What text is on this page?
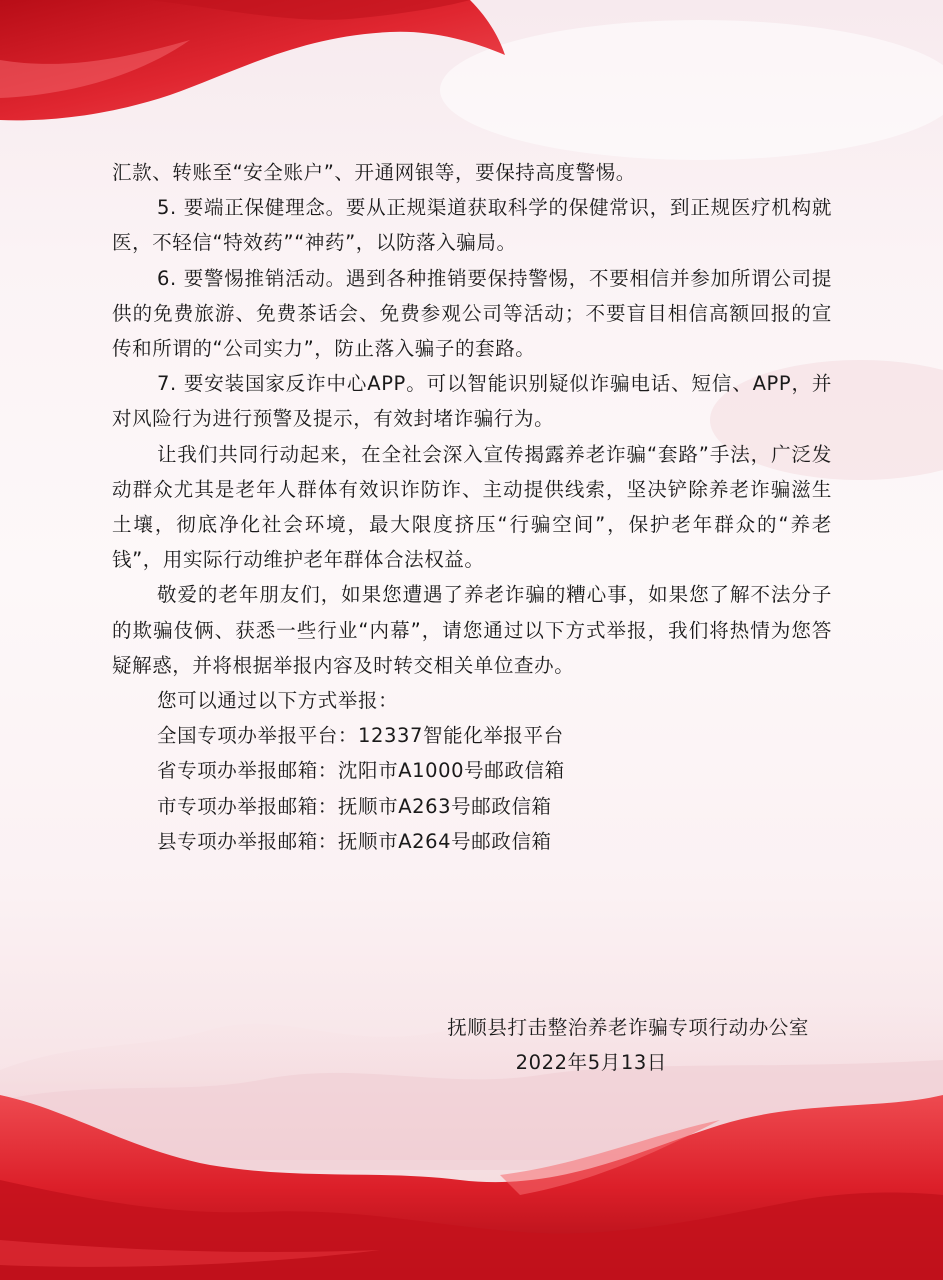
汇款、转账至“安全账户”、开通网银等，要保持高度警惕。

5. 要端正保健理念。要从正规渠道获取科学的保健常识，到正规医疗机构就医，不轻信“特效药”“神药”，以防落入骗局。

6. 要警惕推销活动。遇到各种推销要保持警惕，不要相信并参加所谓公司提供的免费旅游、免费茶话会、免费参观公司等活动；不要盲目相信高额回报的宣传和所谓的“公司实力”，防止落入骗子的套路。

7. 要安装国家反诈中心APP。可以智能识别疑似诈骗电话、短信、APP，并对风险行为进行预警及提示，有效封堵诈骗行为。

让我们共同行动起来，在全社会深入宣传揭露养老诈骗“套路”手法，广泛发动群众尤其是老年人群体有效识诈防诈、主动提供线索，坚决铲除养老诈骗滋生土壤，彻底净化社会环境，最大限度挤压“行骗空间”，保护老年群众的“养老钱”，用实际行动维护老年群体合法权益。

敬爱的老年朋友们，如果您遭遇了养老诈骗的糟心事，如果您了解不法分子的欺骗伎俩、获悉一些行业“内幕”，请您通过以下方式举报，我们将热情为您答疑解惑，并将根据举报内容及时转交相关单位查办。

您可以通过以下方式举报：
全国专项办举报平台：12337智能化举报平台
省专项办举报邮箱：沈阳市A1000号邮政信箱
市专项办举报邮箱：抚顺市A263号邮政信箱
县专项办举报邮箱：抚顺市A264号邮政信箱
抚顺县打击整治养老诈骗专项行动办公室
2022年5月13日
